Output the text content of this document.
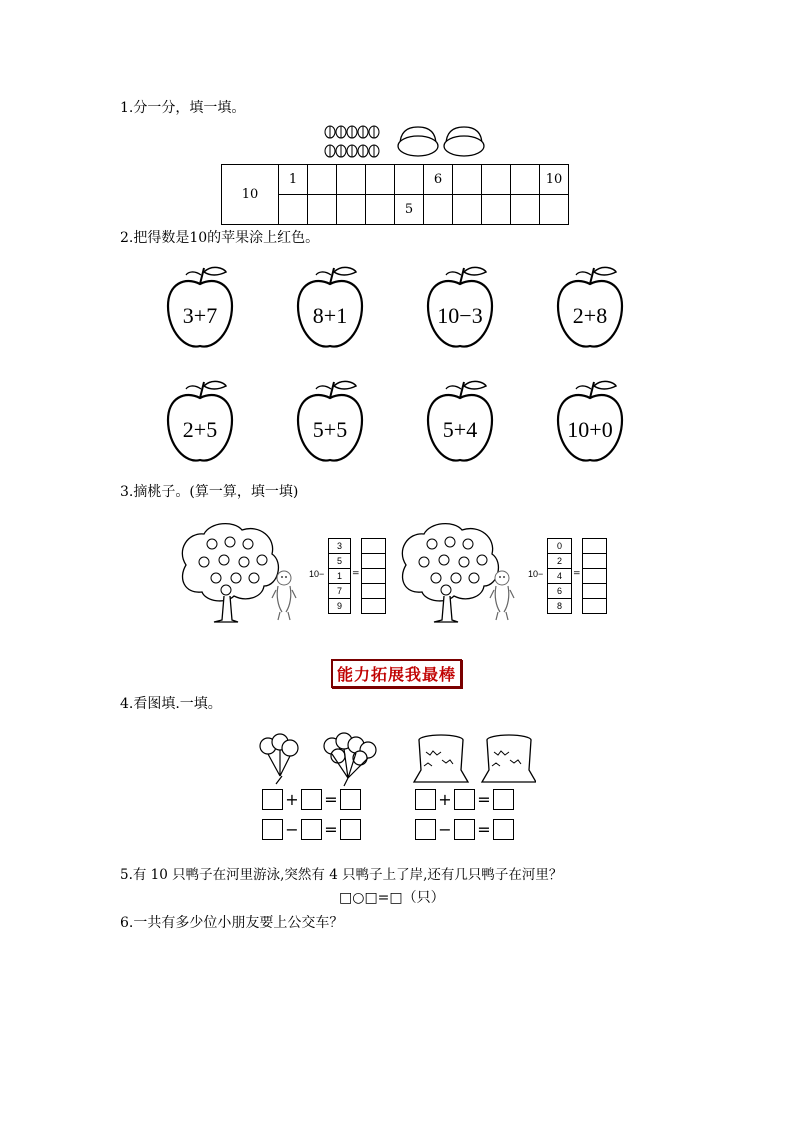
1.分一分，填一填。
10	1					6				10
					5					
2.把得数是10的苹果涂上红色。
3+7	8+1	10−3	2+8
2+5	5+5	5+4	10+0
3.摘桃子。(算一算，填一填)
10−
3
5
1
7
9
=	10−
0
2
4
6
8
=
能力拓展我最棒
4.看图填.一填。
+ =
− =
+ =
− =
5.有 10 只鸭子在河里游泳,突然有 4 只鸭子上了岸,还有几只鸭子在河里？
□○□=□（只）
6.一共有多少位小朋友要上公交车？
